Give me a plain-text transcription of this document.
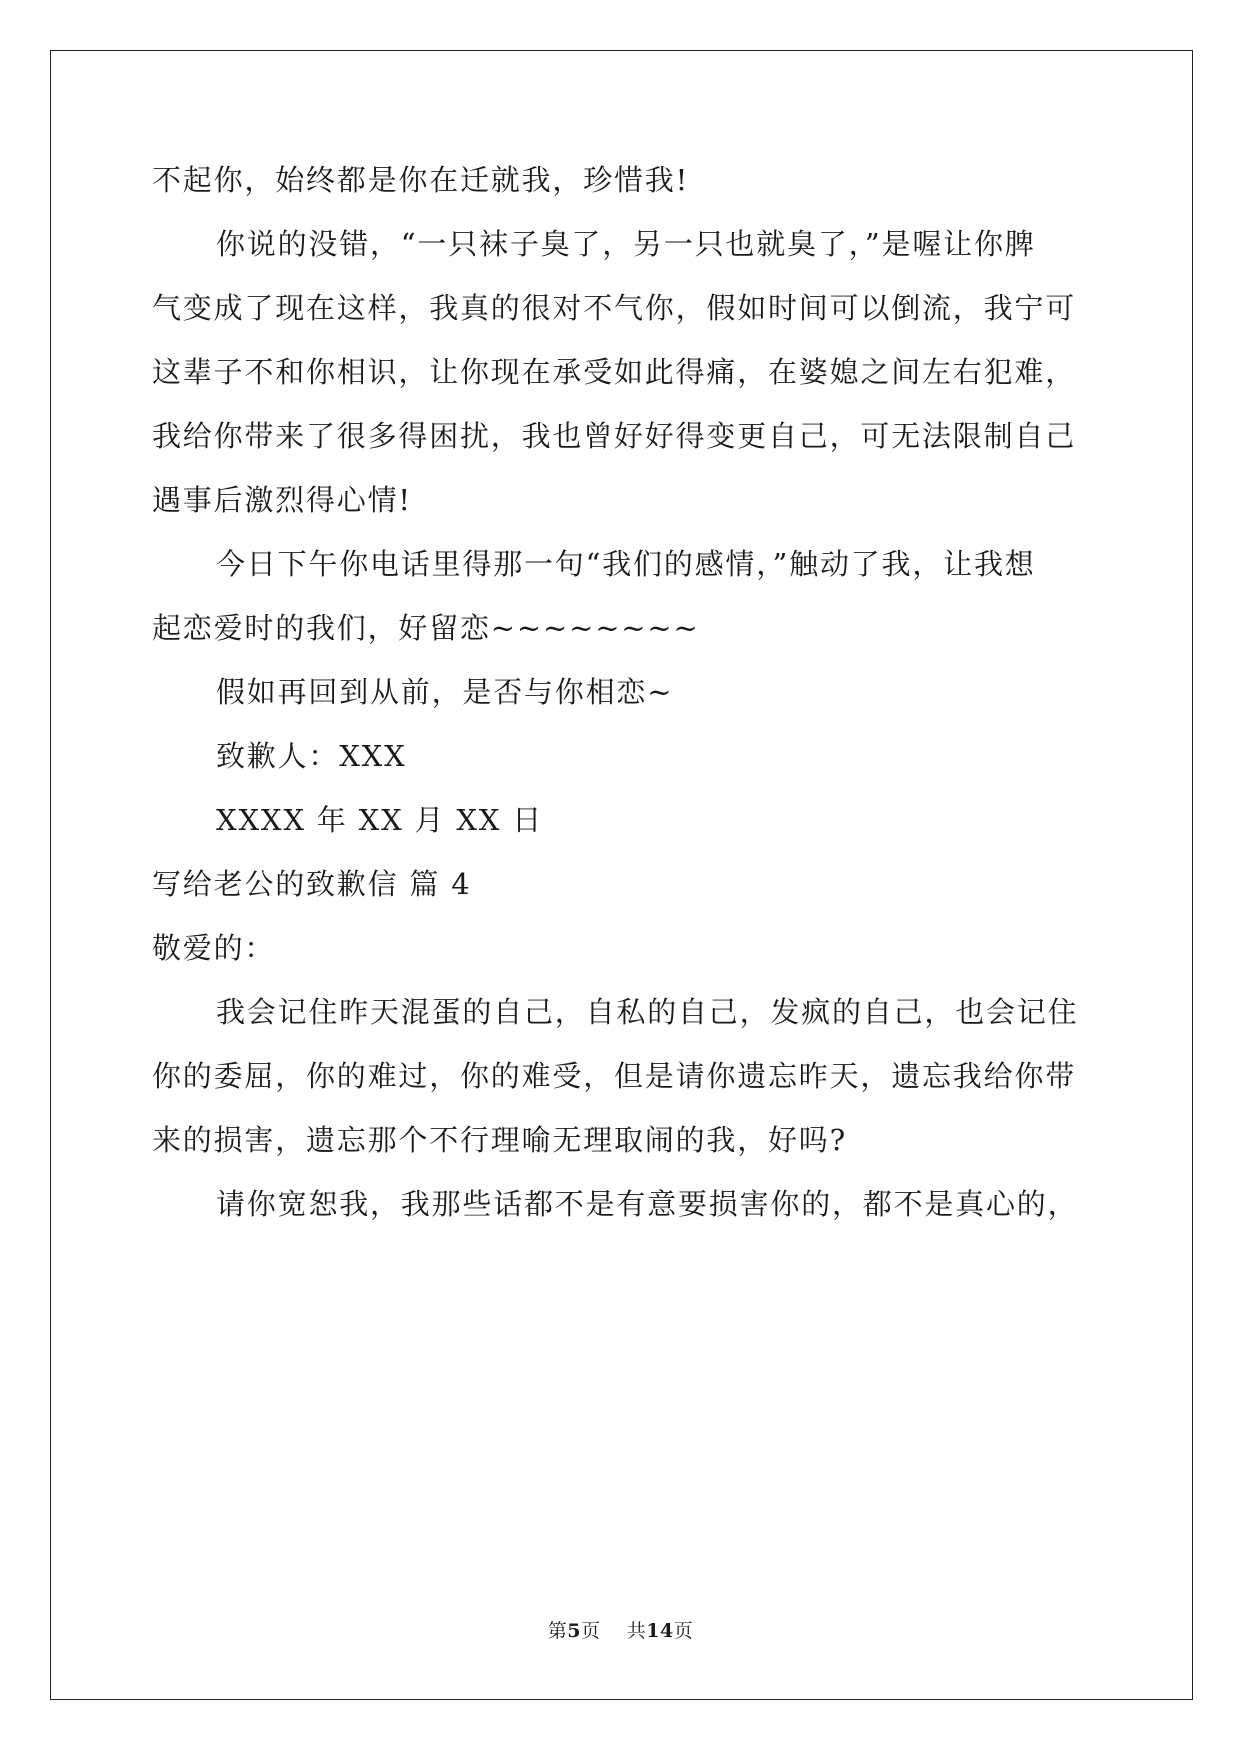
不起你，始终都是你在迁就我，珍惜我!
你说的没错，“一只袜子臭了，另一只也就臭了，”是喔让你脾
气变成了现在这样，我真的很对不气你，假如时间可以倒流，我宁可
这辈子不和你相识，让你现在承受如此得痛，在婆媳之间左右犯难，
我给你带来了很多得困扰，我也曾好好得变更自己，可无法限制自己
遇事后激烈得心情!
今日下午你电话里得那一句“我们的感情，”触动了我，让我想
起恋爱时的我们，好留恋~~~~~~~~
假如再回到从前，是否与你相恋~
致歉人：XXX
XXXX 年 XX 月 XX 日
写给老公的致歉信 篇 4
敬爱的：
我会记住昨天混蛋的自己，自私的自己，发疯的自己，也会记住
你的委屈，你的难过，你的难受，但是请你遗忘昨天，遗忘我给你带
来的损害，遗忘那个不行理喻无理取闹的我，好吗?
请你宽恕我，我那些话都不是有意要损害你的，都不是真心的，
第5页 共14页
